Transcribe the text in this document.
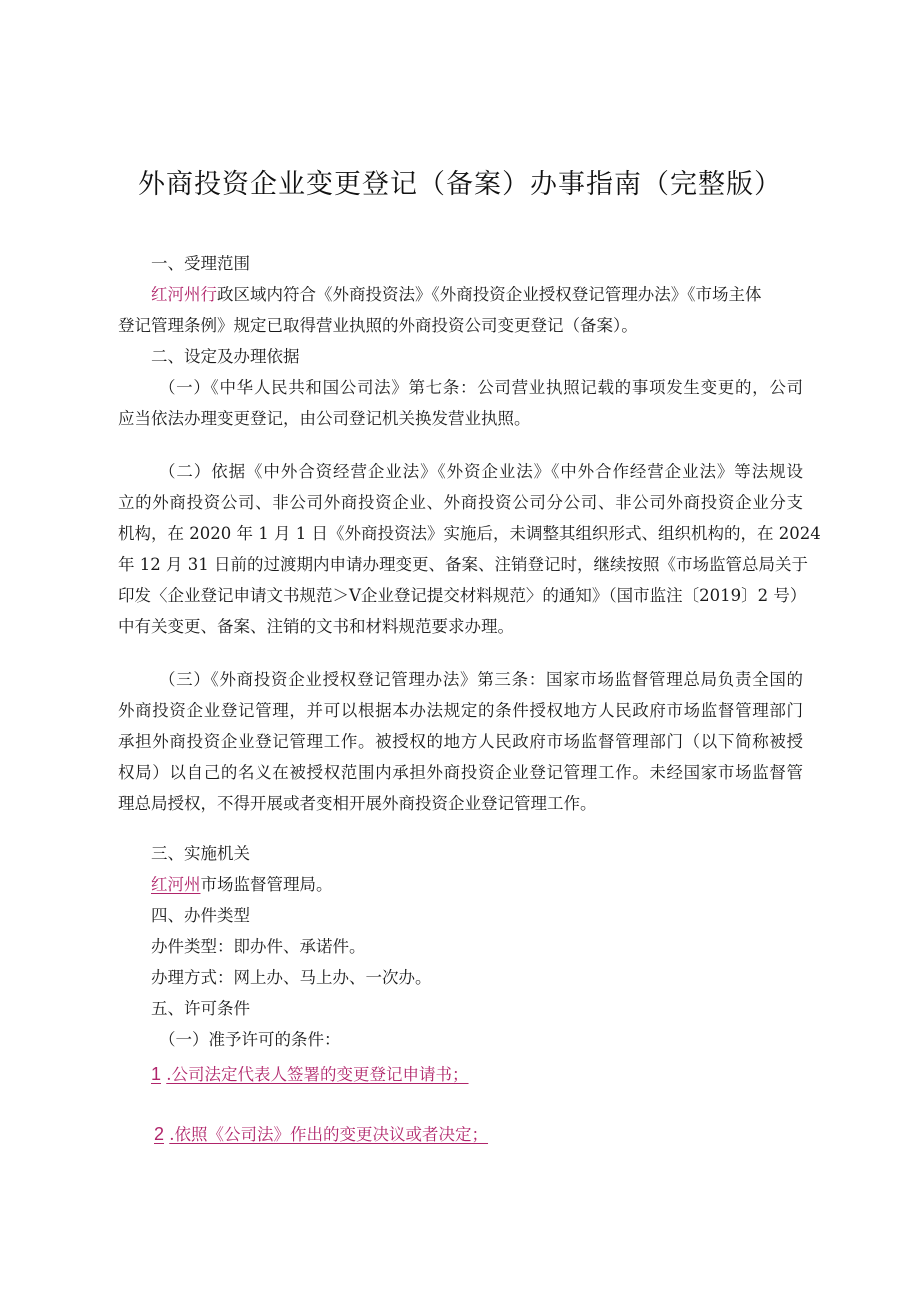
外商投资企业变更登记（备案）办事指南（完整版）
一、受理范围
红河州行政区域内符合《外商投资法》《外商投资企业授权登记管理办法》《市场主体
登记管理条例》规定已取得营业执照的外商投资公司变更登记（备案）。
二、设定及办理依据
（一）《中华人民共和国公司法》第七条：公司营业执照记载的事项发生变更的，公司
应当依法办理变更登记，由公司登记机关换发营业执照。
（二）依据《中外合资经营企业法》《外资企业法》《中外合作经营企业法》等法规设
立的外商投资公司、非公司外商投资企业、外商投资公司分公司、非公司外商投资企业分支
机构，在 2020 年 1 月 1 日《外商投资法》实施后，未调整其组织形式、组织机构的，在 2024
年 12 月 31 日前的过渡期内申请办理变更、备案、注销登记时，继续按照《市场监管总局关于
印发〈企业登记申请文书规范＞Ⅴ企业登记提交材料规范〉的通知》（国市监注〔2019〕2 号）
中有关变更、备案、注销的文书和材料规范要求办理。
（三）《外商投资企业授权登记管理办法》第三条：国家市场监督管理总局负责全国的
外商投资企业登记管理，并可以根据本办法规定的条件授权地方人民政府市场监督管理部门
承担外商投资企业登记管理工作。被授权的地方人民政府市场监督管理部门（以下简称被授
权局）以自己的名义在被授权范围内承担外商投资企业登记管理工作。未经国家市场监督管
理总局授权，不得开展或者变相开展外商投资企业登记管理工作。
三、实施机关
红河州市场监督管理局。
四、办件类型
办件类型：即办件、承诺件。
办理方式：网上办、马上办、一次办。
五、许可条件
（一）准予许可的条件：
1 .公司法定代表人签署的变更登记申请书；
2 .依照《公司法》作出的变更决议或者决定；
